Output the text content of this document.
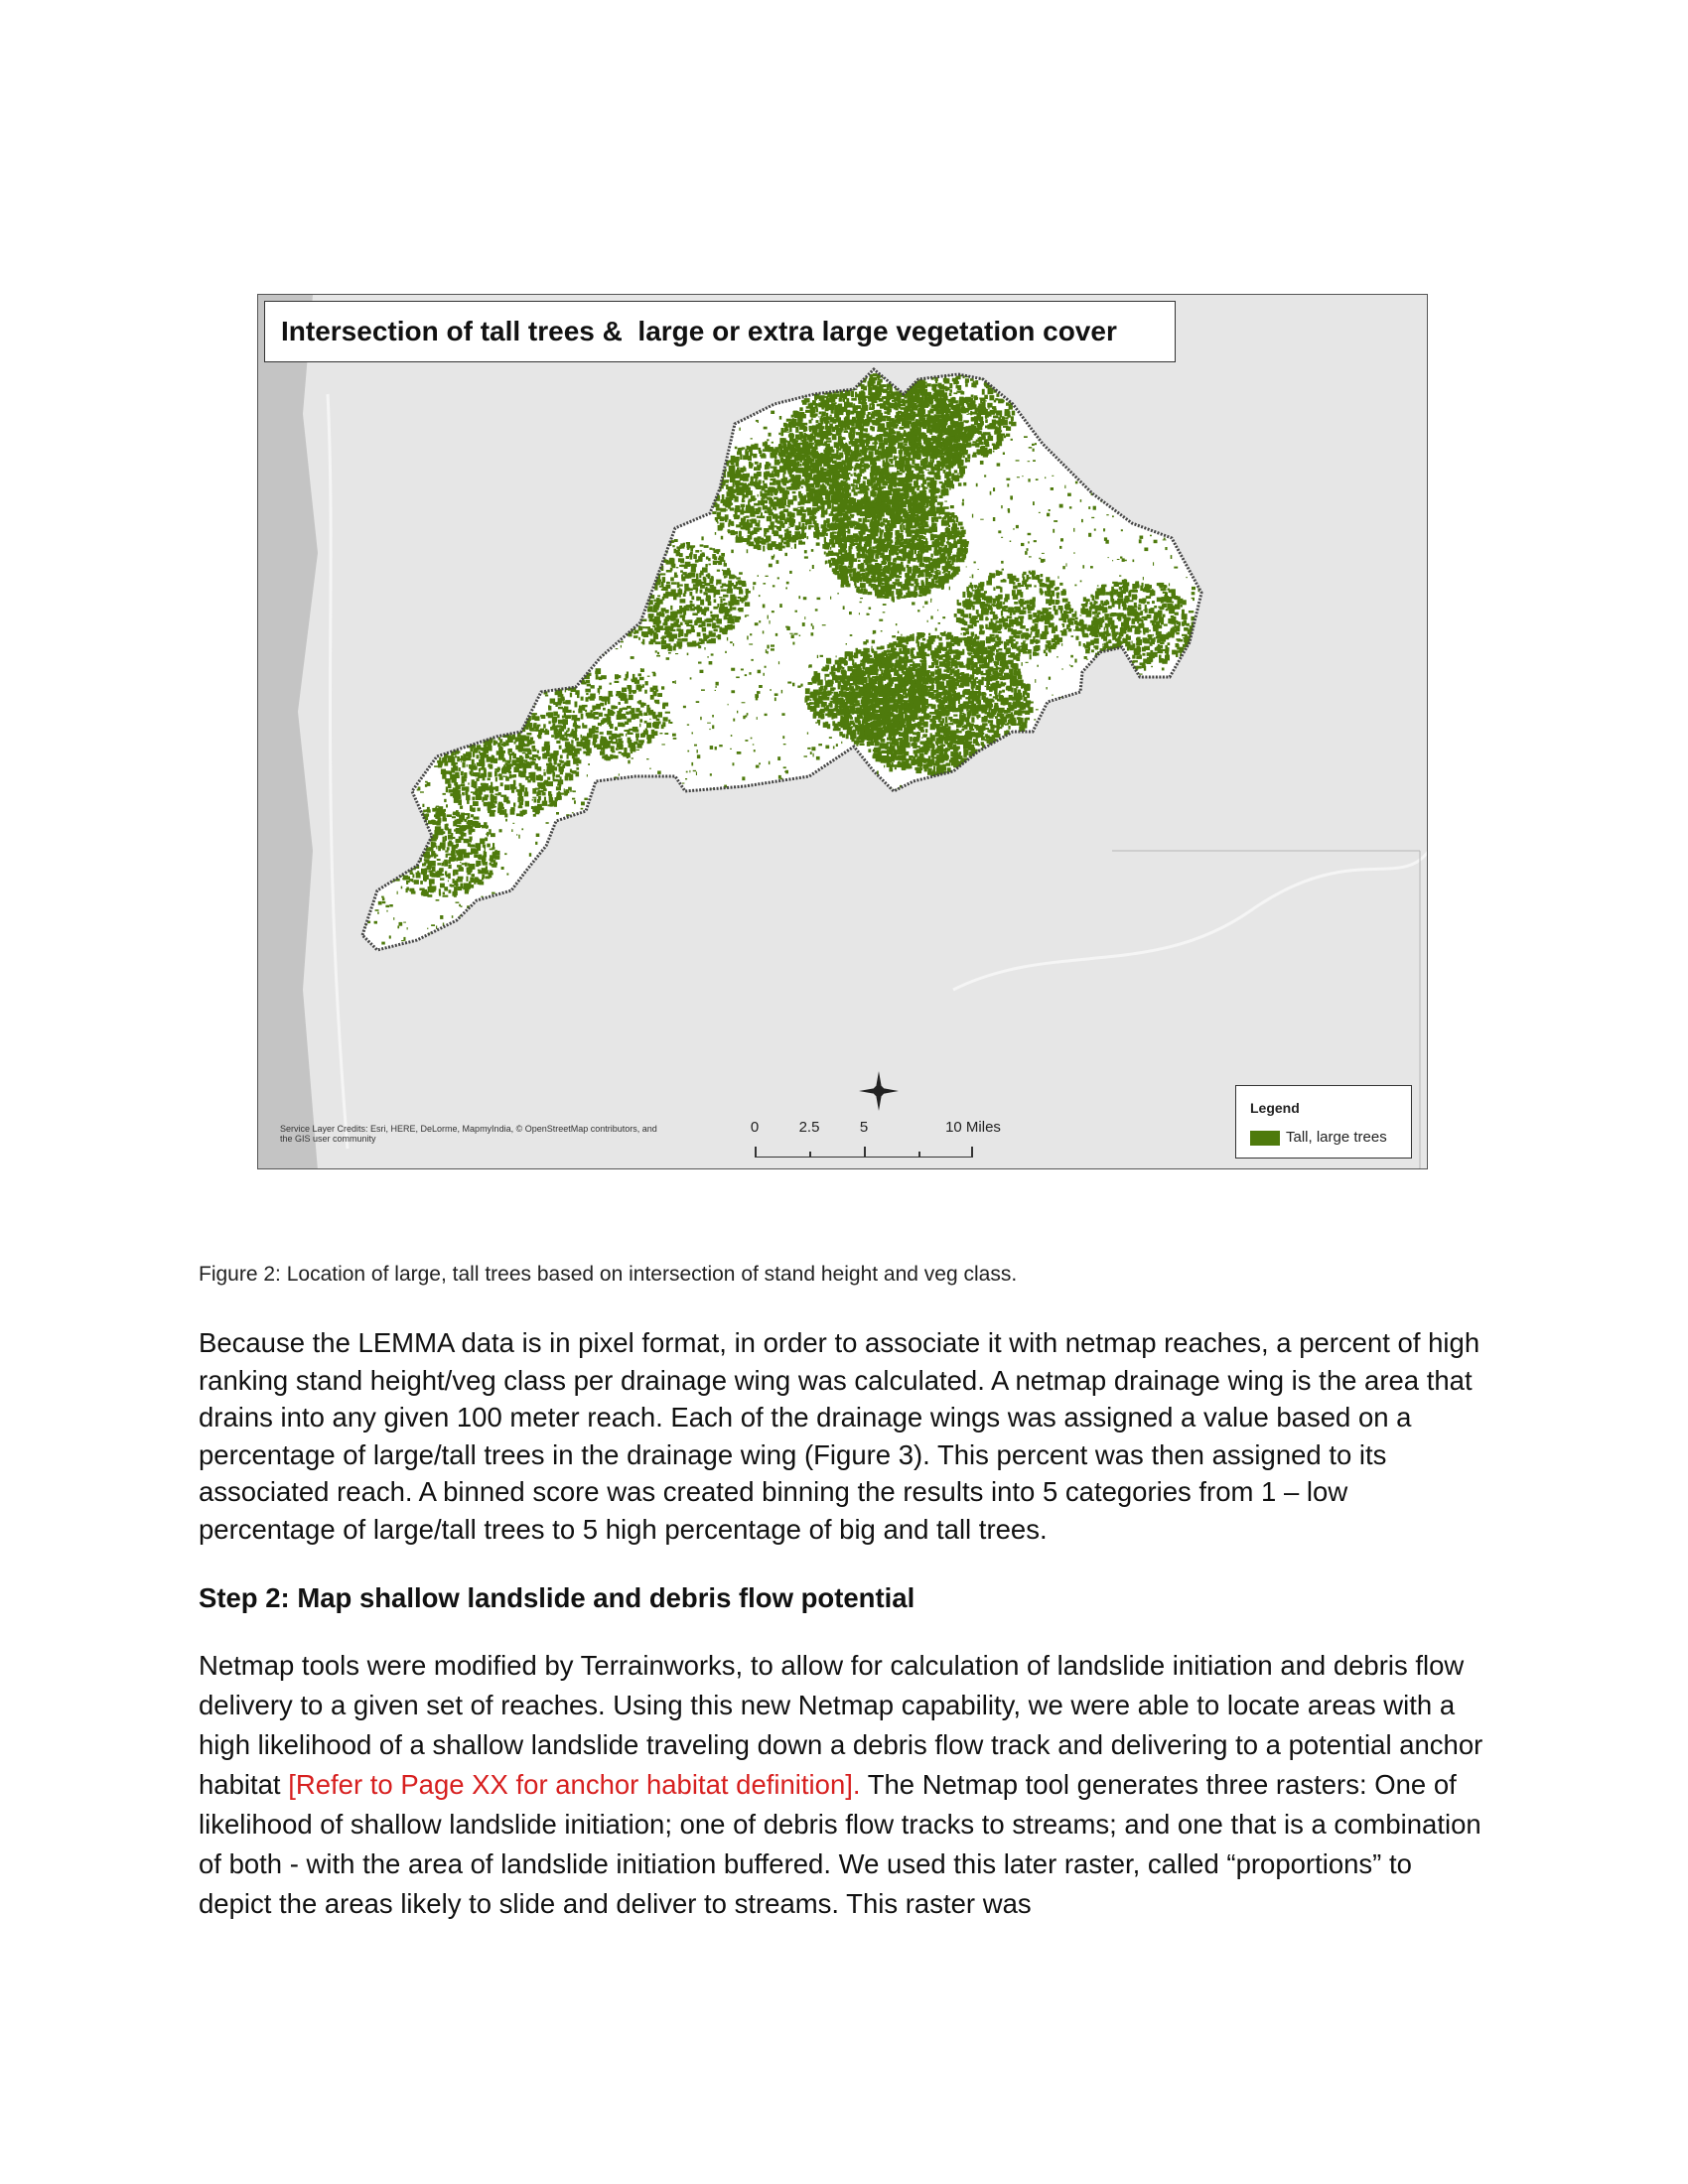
Intersection of tall trees &  large or extra large vegetation cover
Service Layer Credits: Esri, HERE, DeLorme, MapmyIndia, © OpenStreetMap contributors, and the GIS user community
0	2.5	5	10 Miles
Legend
Tall, large trees
Figure 2: Location of large, tall trees based on intersection of stand height and veg class.
Because the LEMMA data is in pixel format, in order to associate it with netmap reaches, a percent of high ranking stand height/veg class per drainage wing was calculated. A netmap drainage wing is the area that drains into any given 100 meter reach. Each of the drainage wings was assigned a value based on a percentage of large/tall trees in the drainage wing (Figure 3). This percent was then assigned to its associated reach. A binned score was created binning the results into 5 categories from 1 – low percentage of large/tall trees to 5 high percentage of big and tall trees.
Step 2: Map shallow landslide and debris flow potential
Netmap tools were modified by Terrainworks, to allow for calculation of landslide initiation and debris flow delivery to a given set of reaches. Using this new Netmap capability, we were able to locate areas with a high likelihood of a shallow landslide traveling down a debris flow track and delivering to a potential anchor habitat [Refer to Page XX for anchor habitat definition]. The Netmap tool generates three rasters: One of likelihood of shallow landslide initiation; one of debris flow tracks to streams; and one that is a combination of both - with the area of landslide initiation buffered. We used this later raster, called “proportions” to depict the areas likely to slide and deliver to streams. This raster was
